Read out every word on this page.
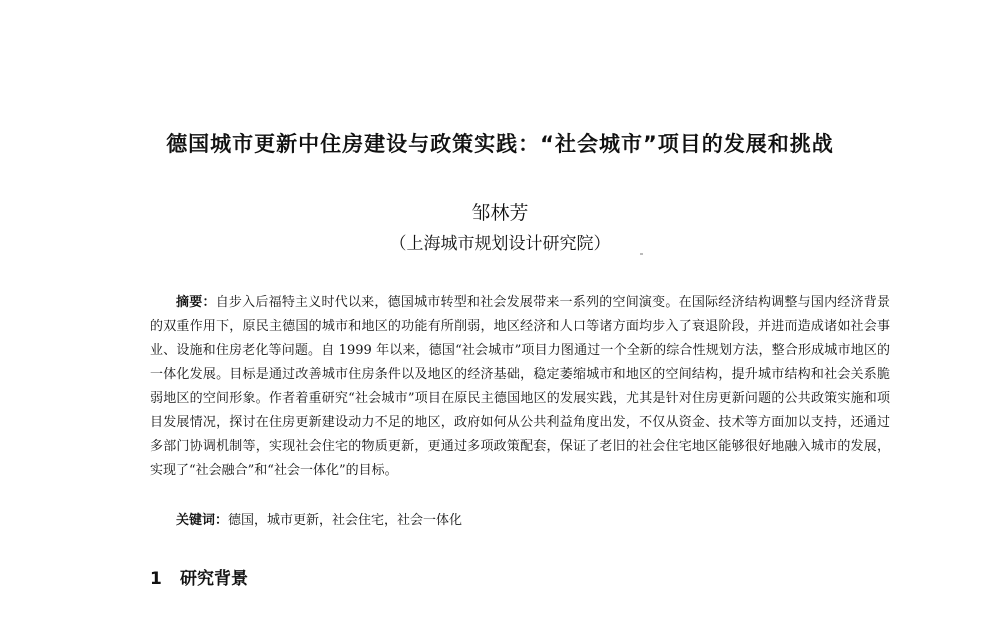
德国城市更新中住房建设与政策实践：“社会城市”项目的发展和挑战
邹林芳
（上海城市规划设计研究院）
摘要：自步入后福特主义时代以来，德国城市转型和社会发展带来一系列的空间演变。在国际经济结构调整与国内经济背景的双重作用下，原民主德国的城市和地区的功能有所削弱，地区经济和人口等诸方面均步入了衰退阶段，并进而造成诸如社会事业、设施和住房老化等问题。自 1999 年以来，德国“社会城市”项目力图通过一个全新的综合性规划方法，整合形成城市地区的一体化发展。目标是通过改善城市住房条件以及地区的经济基础，稳定萎缩城市和地区的空间结构，提升城市结构和社会关系脆弱地区的空间形象。作者着重研究“社会城市”项目在原民主德国地区的发展实践，尤其是针对住房更新问题的公共政策实施和项目发展情况，探讨在住房更新建设动力不足的地区，政府如何从公共利益角度出发，不仅从资金、技术等方面加以支持，还通过多部门协调机制等，实现社会住宅的物质更新，更通过多项政策配套，保证了老旧的社会住宅地区能够很好地融入城市的发展，实现了“社会融合”和“社会一体化”的目标。
关键词：德国，城市更新，社会住宅，社会一体化
1 研究背景
